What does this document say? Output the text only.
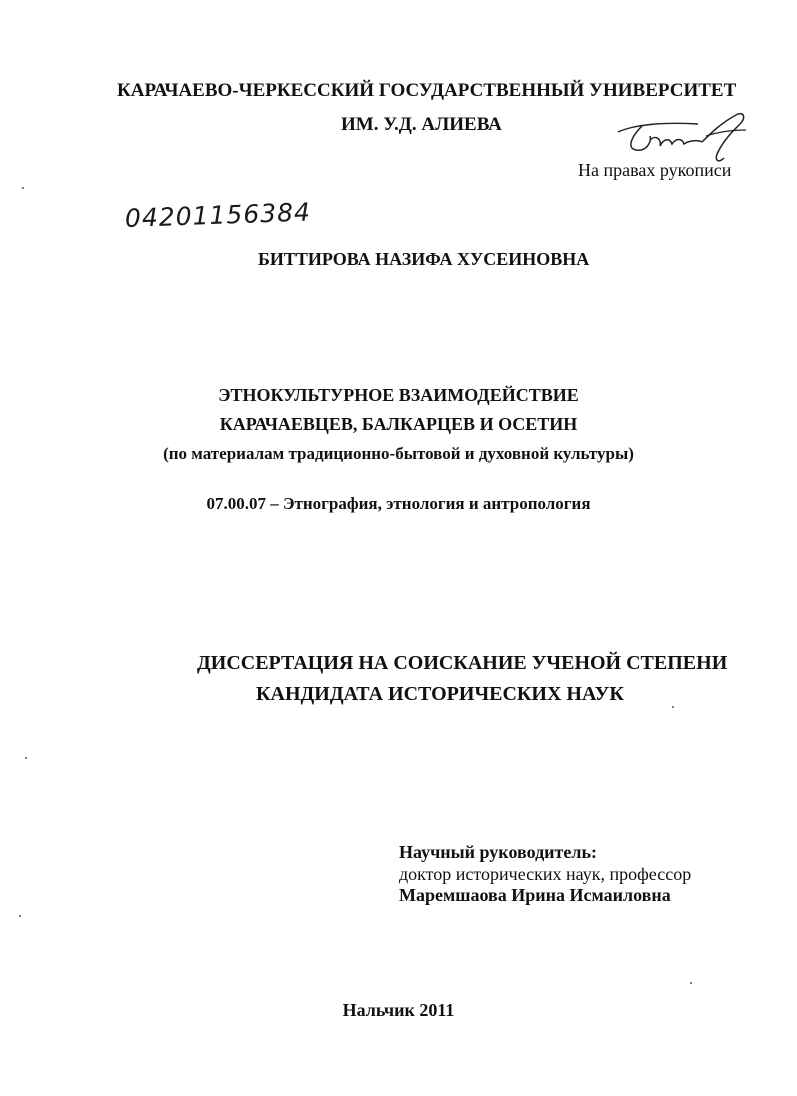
КАРАЧАЕВО-ЧЕРКЕССКИЙ ГОСУДАРСТВЕННЫЙ УНИВЕРСИТЕТ
ИМ. У.Д. АЛИЕВА
На правах рукописи
04201156384
БИТТИРОВА НАЗИФА ХУСЕИНОВНА
ЭТНОКУЛЬТУРНОЕ ВЗАИМОДЕЙСТВИЕ
КАРАЧАЕВЦЕВ, БАЛКАРЦЕВ И ОСЕТИН
(по материалам традиционно-бытовой и духовной культуры)
07.00.07 – Этнография, этнология и антропология
ДИССЕРТАЦИЯ НА СОИСКАНИЕ УЧЕНОЙ СТЕПЕНИ
КАНДИДАТА ИСТОРИЧЕСКИХ НАУК
Научный руководитель:
доктор исторических наук, профессор
Маремшаова Ирина Исмаиловна
Нальчик 2011
